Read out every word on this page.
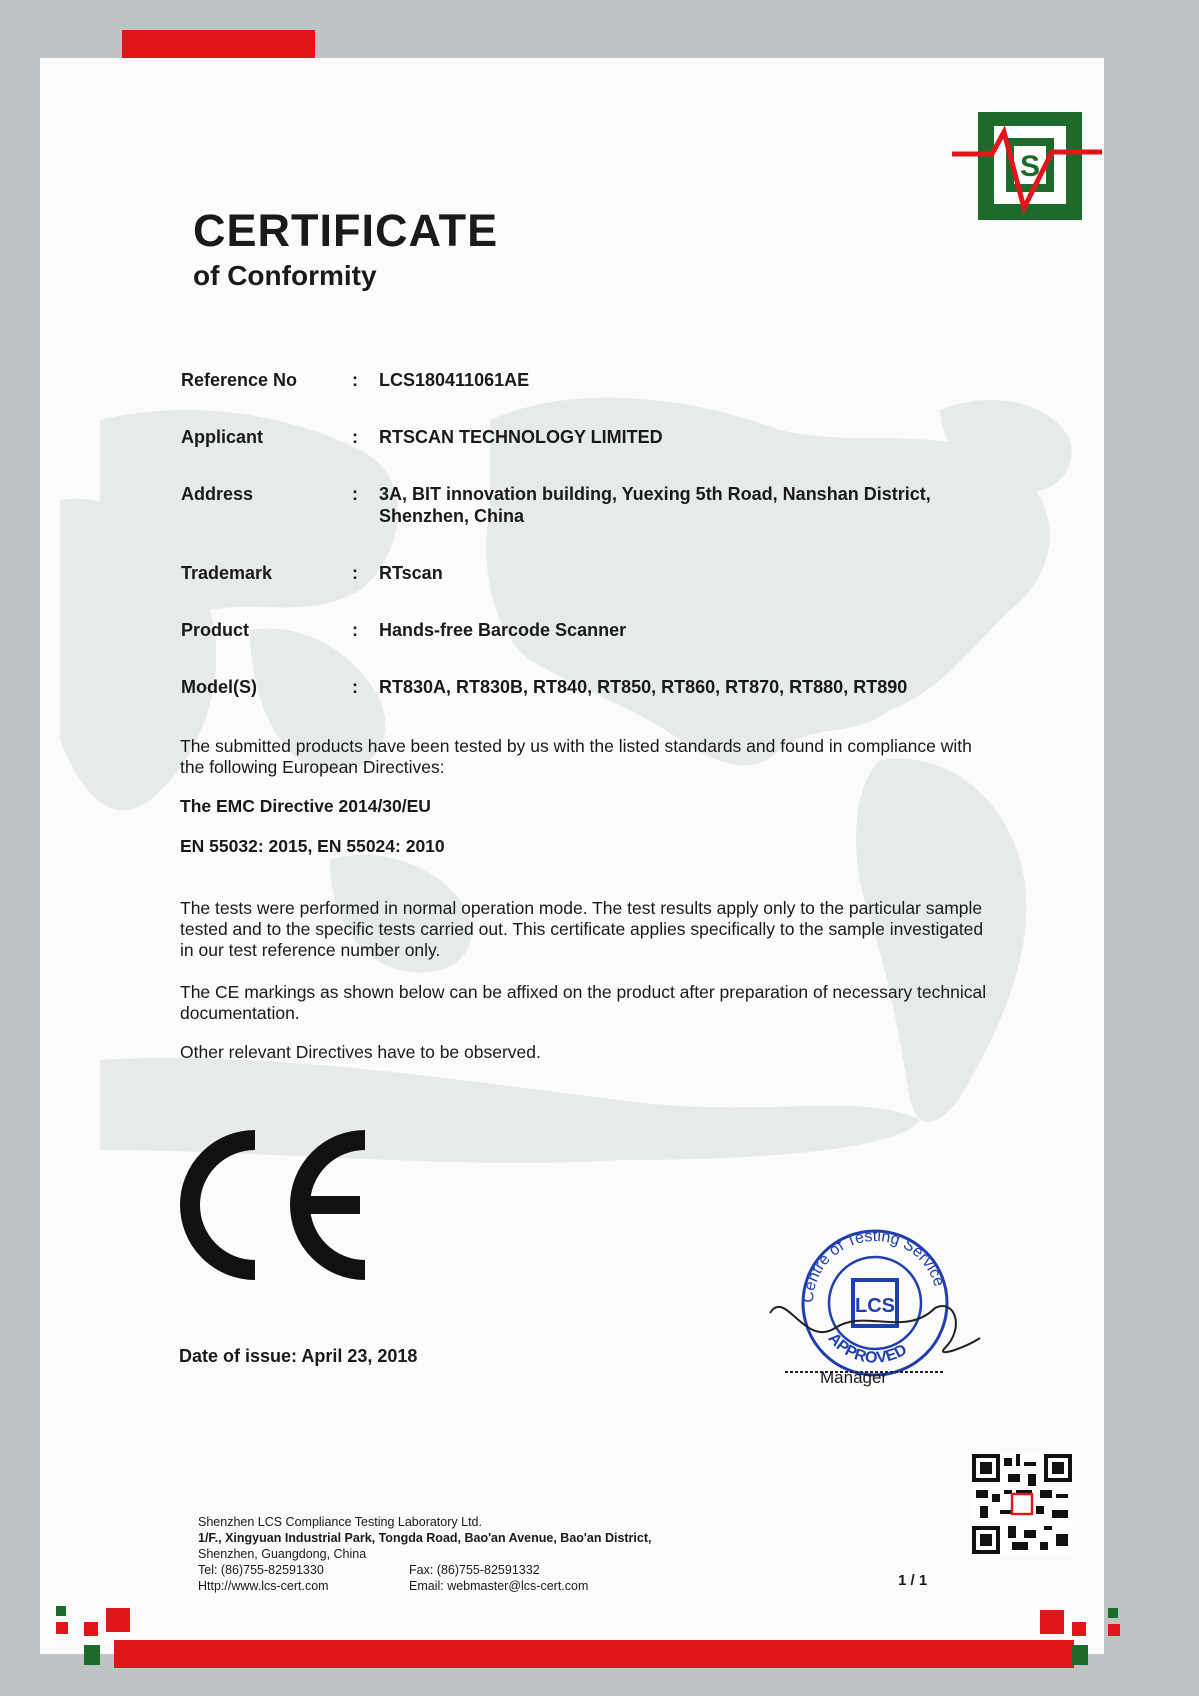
S
CERTIFICATE
of Conformity
Reference No	: LCS180411061AE
Applicant	: RTSCAN TECHNOLOGY LIMITED
Address	: 3A, BIT innovation building, Yuexing 5th Road, Nanshan District,
Shenzhen, China
Trademark	: RTscan
Product	: Hands-free Barcode Scanner
Model(S)	: RT830A, RT830B, RT840, RT850, RT860, RT870, RT880, RT890
The submitted products have been tested by us with the listed standards and found in compliance with
the following European Directives:
The EMC Directive 2014/30/EU
EN 55032: 2015, EN 55024: 2010
The tests were performed in normal operation mode. The test results apply only to the particular sample
tested and to the specific tests carried out. This certificate applies specifically to the sample investigated
in our test reference number only.
The CE markings as shown below can be affixed on the product after preparation of necessary technical
documentation.
Other relevant Directives have to be observed.
Date of issue: April 23, 2018
LCS
Centre of Testing Service
APPROVED
Manager
Shenzhen LCS Compliance Testing Laboratory Ltd.
1/F., Xingyuan Industrial Park, Tongda Road, Bao'an Avenue, Bao'an District,
Shenzhen, Guangdong, China
Tel: (86)755-82591330	Fax: (86)755-82591332
Http://www.lcs-cert.com	Email: webmaster@lcs-cert.com	1 / 1
